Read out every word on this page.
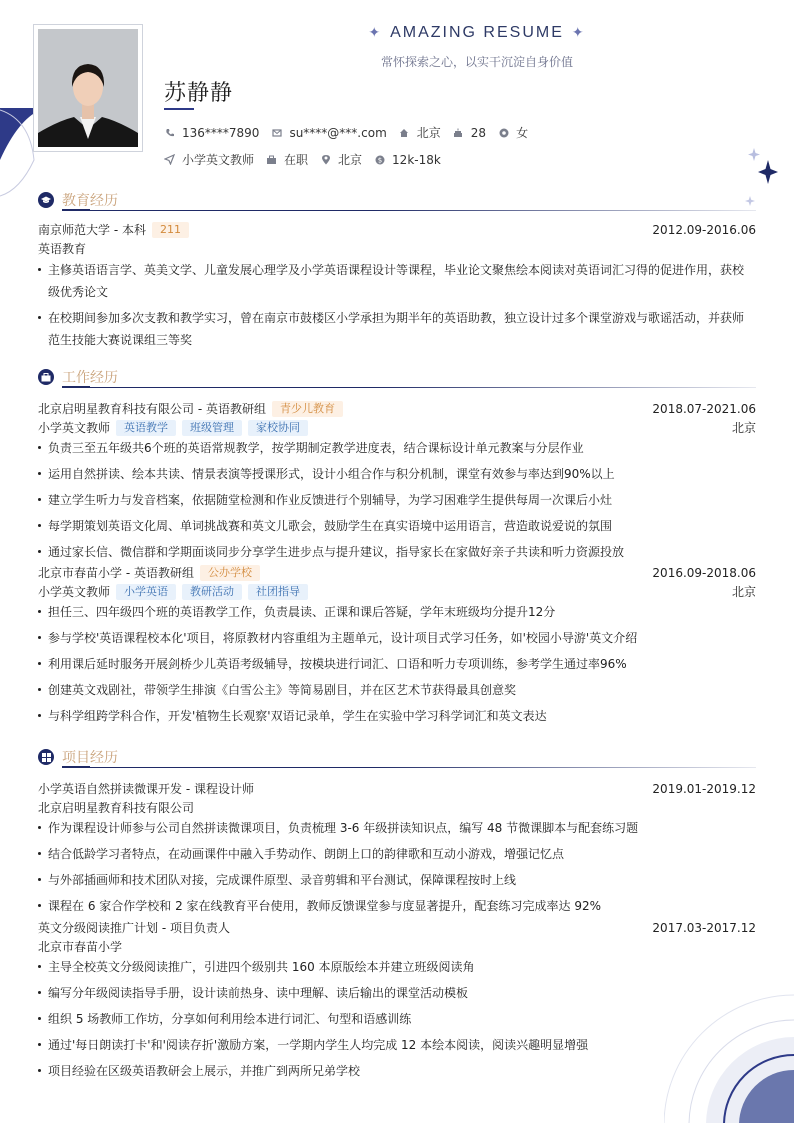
✦ AMAZING RESUME ✦
常怀探索之心，以实干沉淀自身价值
苏静静
136****7890	su****@***.com	北京	28	女
小学英文教师	在职	北京 $ 12k-18k
教育经历
南京师范大学 - 本科	211	2012.09-2016.06
英语教育
主修英语语言学、英美文学、儿童发展心理学及小学英语课程设计等课程，毕业论文聚焦绘本阅读对英语词汇习得的促进作用，获校
级优秀论文
在校期间参加多次支教和教学实习，曾在南京市鼓楼区小学承担为期半年的英语助教，独立设计过多个课堂游戏与歌谣活动，并获师
范生技能大赛说课组三等奖
工作经历
北京启明星教育科技有限公司 - 英语教研组	青少儿教育	2018.07-2021.06
小学英文教师	英语教学	班级管理	家校协同	北京
负责三至五年级共6个班的英语常规教学，按学期制定教学进度表，结合课标设计单元教案与分层作业
运用自然拼读、绘本共读、情景表演等授课形式，设计小组合作与积分机制，课堂有效参与率达到90%以上
建立学生听力与发音档案，依据随堂检测和作业反馈进行个别辅导，为学习困难学生提供每周一次课后小灶
每学期策划英语文化周、单词挑战赛和英文儿歌会，鼓励学生在真实语境中运用语言，营造敢说爱说的氛围
通过家长信、微信群和学期面谈同步分享学生进步点与提升建议，指导家长在家做好亲子共读和听力资源投放
北京市春苗小学 - 英语教研组	公办学校	2016.09-2018.06
小学英文教师	小学英语	教研活动	社团指导	北京
担任三、四年级四个班的英语教学工作，负责晨读、正课和课后答疑，学年末班级均分提升12分
参与学校'英语课程校本化'项目，将原教材内容重组为主题单元，设计项目式学习任务，如'校园小导游'英文介绍
利用课后延时服务开展剑桥少儿英语考级辅导，按模块进行词汇、口语和听力专项训练，参考学生通过率96%
创建英文戏剧社，带领学生排演《白雪公主》等简易剧目，并在区艺术节获得最具创意奖
与科学组跨学科合作，开发'植物生长观察'双语记录单，学生在实验中学习科学词汇和英文表达
项目经历
小学英语自然拼读微课开发 - 课程设计师	2019.01-2019.12
北京启明星教育科技有限公司
作为课程设计师参与公司自然拼读微课项目，负责梳理 3-6 年级拼读知识点，编写 48 节微课脚本与配套练习题
结合低龄学习者特点，在动画课件中融入手势动作、朗朗上口的韵律歌和互动小游戏，增强记忆点
与外部插画师和技术团队对接，完成课件原型、录音剪辑和平台测试，保障课程按时上线
课程在 6 家合作学校和 2 家在线教育平台使用，教师反馈课堂参与度显著提升，配套练习完成率达 92%
英文分级阅读推广计划 - 项目负责人	2017.03-2017.12
北京市春苗小学
主导全校英文分级阅读推广，引进四个级别共 160 本原版绘本并建立班级阅读角
编写分年级阅读指导手册，设计读前热身、读中理解、读后输出的课堂活动模板
组织 5 场教师工作坊，分享如何利用绘本进行词汇、句型和语感训练
通过'每日朗读打卡'和'阅读存折'激励方案，一学期内学生人均完成 12 本绘本阅读，阅读兴趣明显增强
项目经验在区级英语教研会上展示，并推广到两所兄弟学校
